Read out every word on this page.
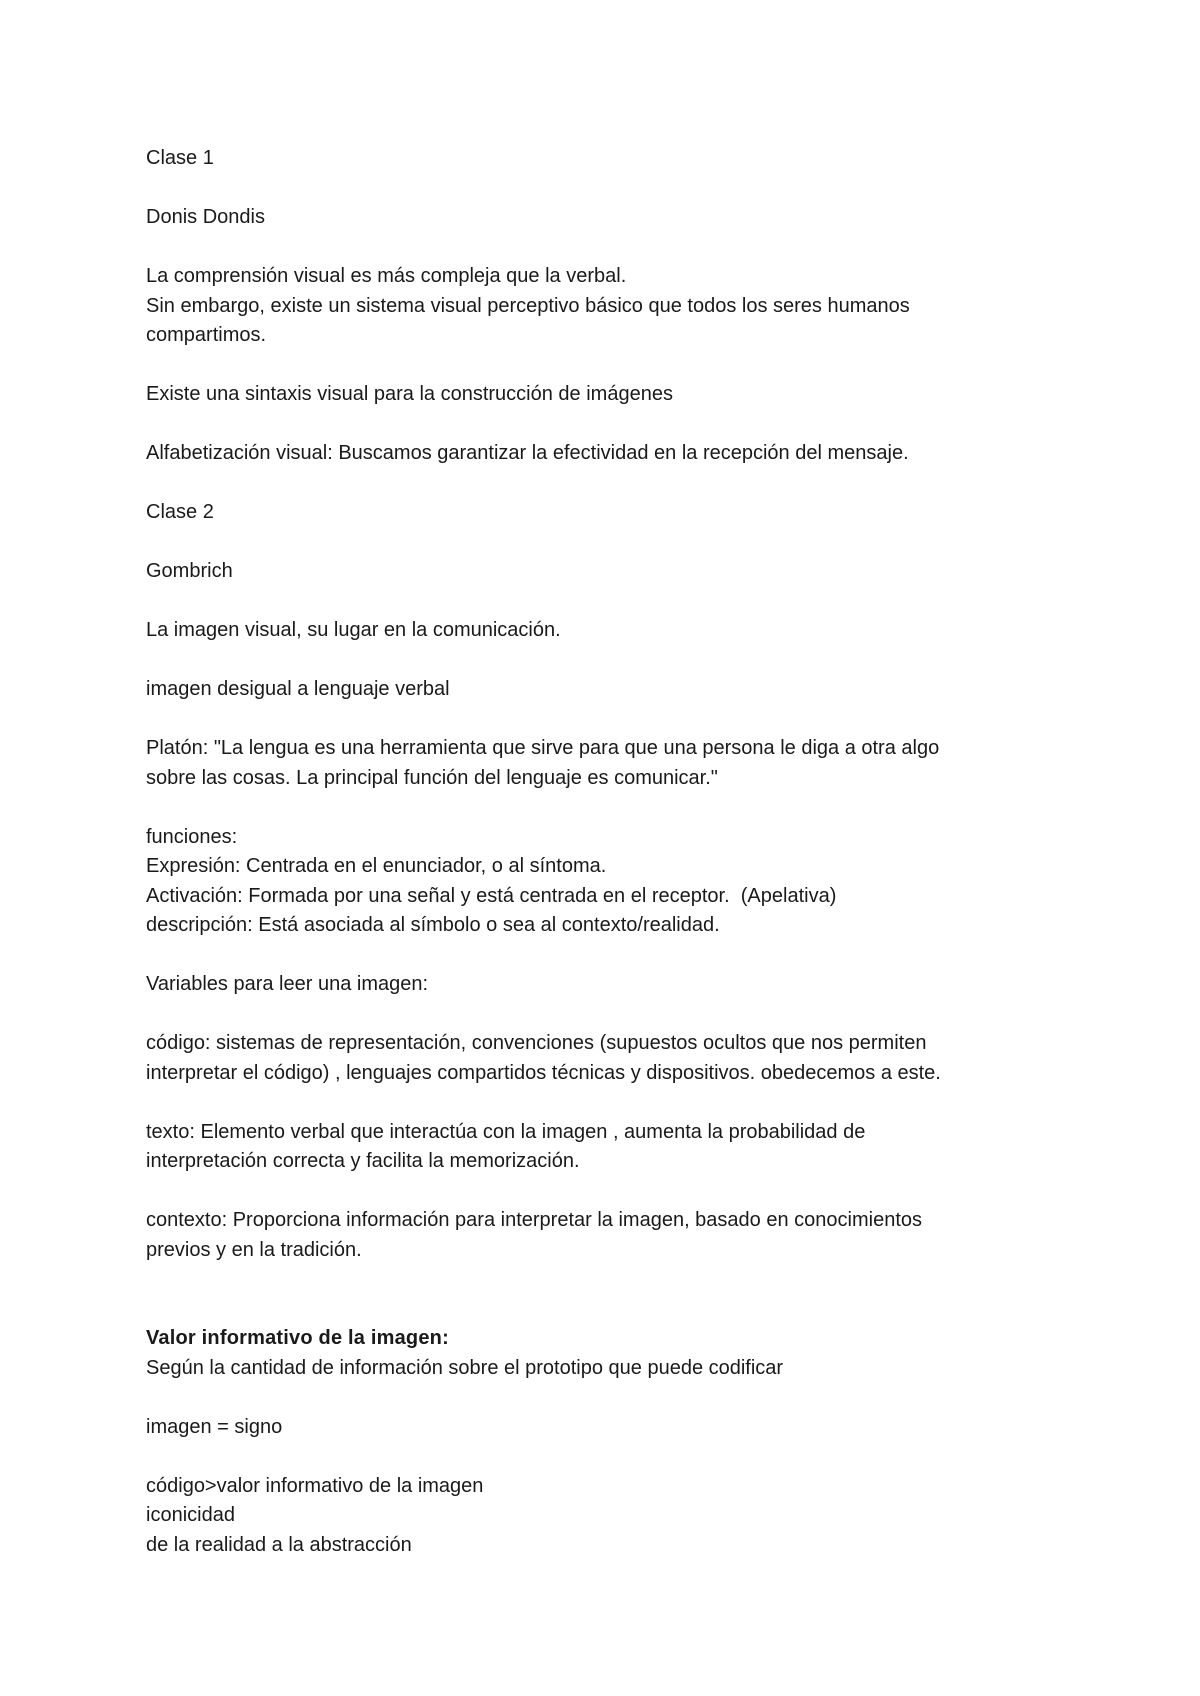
Clase 1
Donis Dondis
La comprensión visual es más compleja que la verbal.
Sin embargo, existe un sistema visual perceptivo básico que todos los seres humanos
compartimos.
Existe una sintaxis visual para la construcción de imágenes
Alfabetización visual: Buscamos garantizar la efectividad en la recepción del mensaje.
Clase 2
Gombrich
La imagen visual, su lugar en la comunicación.
imagen desigual a lenguaje verbal
Platón: "La lengua es una herramienta que sirve para que una persona le diga a otra algo
sobre las cosas. La principal función del lenguaje es comunicar."
funciones:
Expresión: Centrada en el enunciador, o al síntoma.
Activación: Formada por una señal y está centrada en el receptor.  (Apelativa)
descripción: Está asociada al símbolo o sea al contexto/realidad.
Variables para leer una imagen:
código: sistemas de representación, convenciones (supuestos ocultos que nos permiten
interpretar el código) , lenguajes compartidos técnicas y dispositivos. obedecemos a este.
texto: Elemento verbal que interactúa con la imagen , aumenta la probabilidad de
interpretación correcta y facilita la memorización.
contexto: Proporciona información para interpretar la imagen, basado en conocimientos
previos y en la tradición.
Valor informativo de la imagen:
Según la cantidad de información sobre el prototipo que puede codificar
imagen = signo
código>valor informativo de la imagen
iconicidad
de la realidad a la abstracción
